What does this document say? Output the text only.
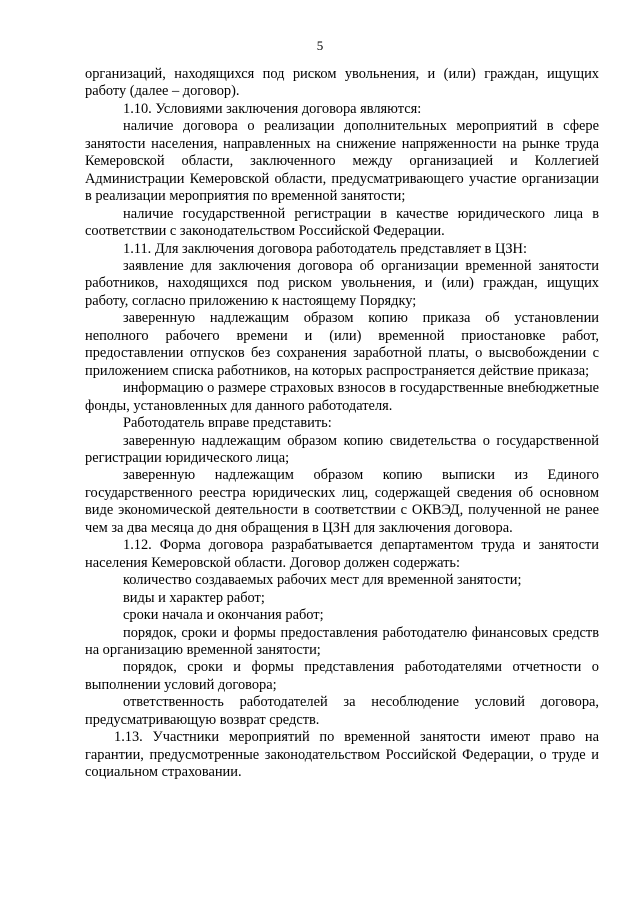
5

организаций, находящихся под риском увольнения, и (или) граждан, ищущих работу (далее – договор).

1.10. Условиями заключения договора являются:

наличие договора о реализации дополнительных мероприятий в сфере занятости населения, направленных на снижение напряженности на рынке труда Кемеровской области, заключенного между организацией и Коллегией Администрации Кемеровской области, предусматривающего участие организации в реализации мероприятия по временной занятости;

наличие государственной регистрации в качестве юридического лица в соответствии с законодательством Российской Федерации.

1.11. Для заключения договора работодатель представляет в ЦЗН:

заявление для заключения договора об организации временной занятости работников, находящихся под риском увольнения, и (или) граждан, ищущих работу, согласно приложению к настоящему Порядку;

заверенную надлежащим образом копию приказа об установлении неполного рабочего времени и (или) временной приостановке работ, предоставлении отпусков без сохранения заработной платы, о высвобождении с приложением списка работников, на которых распространяется действие приказа;

информацию о размере страховых взносов в государственные внебюджетные фонды, установленных для данного работодателя.

Работодатель вправе представить:

заверенную надлежащим образом копию свидетельства о государственной регистрации юридического лица;

заверенную надлежащим образом копию выписки из Единого государственного реестра юридических лиц, содержащей сведения об основном виде экономической деятельности в соответствии с ОКВЭД, полученной не ранее чем за два месяца до дня обращения в ЦЗН для заключения договора.

1.12. Форма договора разрабатывается департаментом труда и занятости населения Кемеровской области. Договор должен содержать:

количество создаваемых рабочих мест для временной занятости;

виды и характер работ;

сроки начала и окончания работ;

порядок, сроки и формы предоставления работодателю финансовых средств на организацию временной занятости;

порядок, сроки и формы представления работодателями отчетности о выполнении условий договора;

ответственность работодателей за несоблюдение условий договора, предусматривающую возврат средств.

1.13. Участники мероприятий по временной занятости имеют право на гарантии, предусмотренные законодательством Российской Федерации, о труде и социальном страховании.
